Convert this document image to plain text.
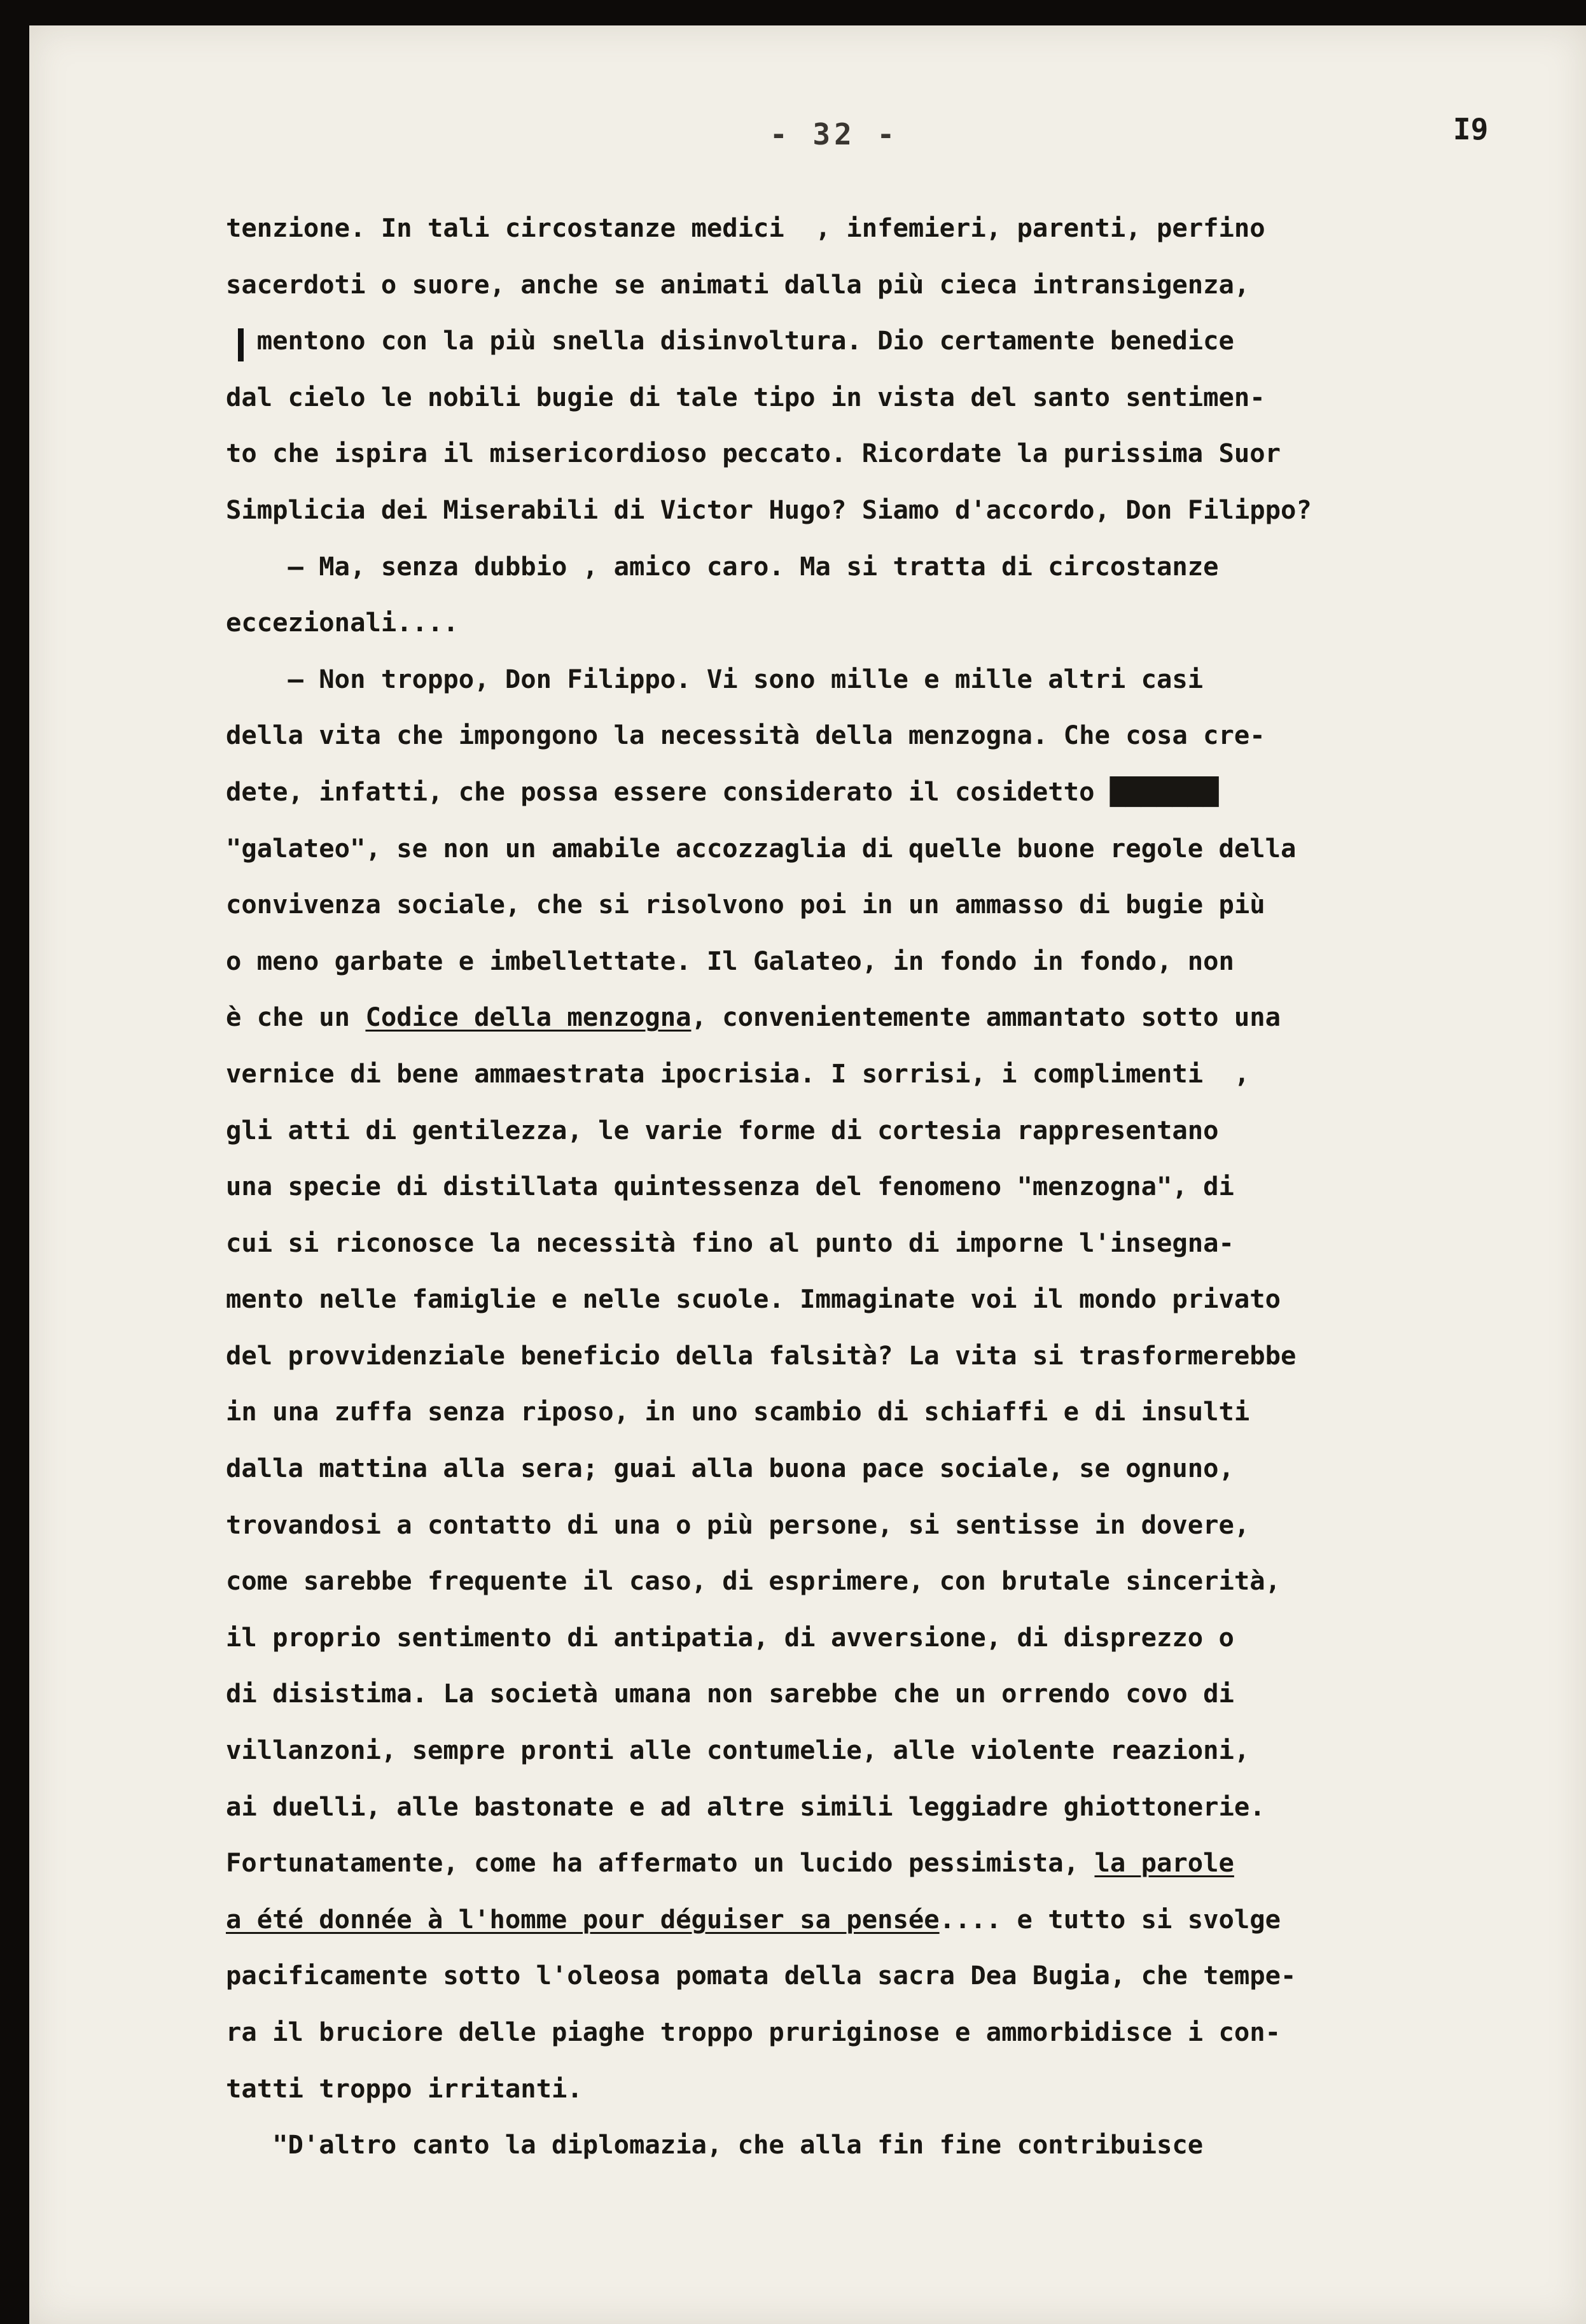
- 32 -	I9
tenzione. In tali circostanze medici  , infemieri, parenti, perfino
sacerdoti o suore, anche se animati dalla più cieca intransigenza,
mentono con la più snella disinvoltura. Dio certamente benedice
dal cielo le nobili bugie di tale tipo in vista del santo sentimen-
to che ispira il misericordioso peccato. Ricordate la purissima Suor
Simplicia dei Miserabili di Victor Hugo? Siamo d'accordo, Don Filippo?
— Ma, senza dubbio , amico caro. Ma si tratta di circostanze
eccezionali....
— Non troppo, Don Filippo. Vi sono mille e mille altri casi
della vita che impongono la necessità della menzogna. Che cosa cre-
dete, infatti, che possa essere considerato il cosidetto ███████
"galateo", se non un amabile accozzaglia di quelle buone regole della
convivenza sociale, che si risolvono poi in un ammasso di bugie più
o meno garbate e imbellettate. Il Galateo, in fondo in fondo, non
è che un Codice della menzogna, convenientemente ammantato sotto una
vernice di bene ammaestrata ipocrisia. I sorrisi, i complimenti  ,
gli atti di gentilezza, le varie forme di cortesia rappresentano
una specie di distillata quintessenza del fenomeno "menzogna", di
cui si riconosce la necessità fino al punto di imporne l'insegna-
mento nelle famiglie e nelle scuole. Immaginate voi il mondo privato
del provvidenziale beneficio della falsità? La vita si trasformerebbe
in una zuffa senza riposo, in uno scambio di schiaffi e di insulti
dalla mattina alla sera; guai alla buona pace sociale, se ognuno,
trovandosi a contatto di una o più persone, si sentisse in dovere,
come sarebbe frequente il caso, di esprimere, con brutale sincerità,
il proprio sentimento di antipatia, di avversione, di disprezzo o
di disistima. La società umana non sarebbe che un orrendo covo di
villanzoni, sempre pronti alle contumelie, alle violente reazioni,
ai duelli, alle bastonate e ad altre simili leggiadre ghiottonerie.
Fortunatamente, come ha affermato un lucido pessimista, la parole
a été donnée à l'homme pour déguiser sa pensée.... e tutto si svolge
pacificamente sotto l'oleosa pomata della sacra Dea Bugia, che tempe-
ra il bruciore delle piaghe troppo pruriginose e ammorbidisce i con-
tatti troppo irritanti.
"D'altro canto la diplomazia, che alla fin fine contribuisce
